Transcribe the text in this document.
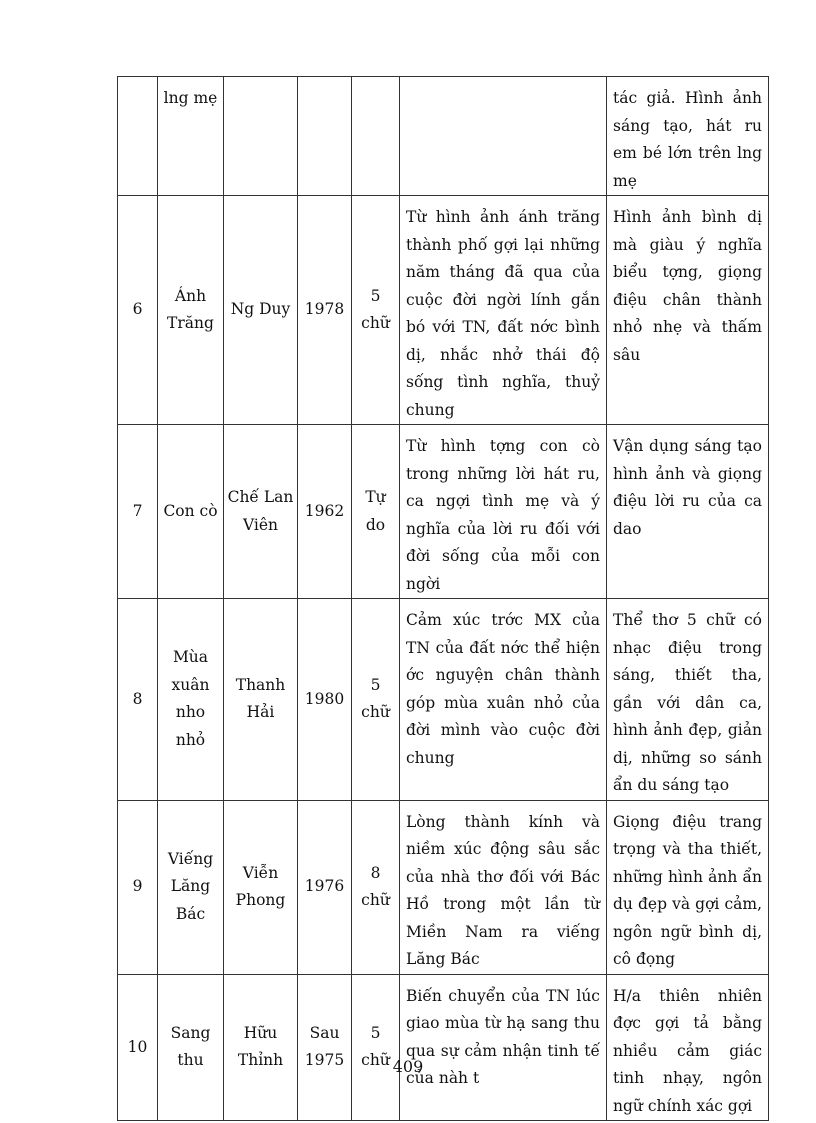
	lng mẹ					tác giả. Hình ảnh sáng tạo, hát ru em bé lớn trên lng mẹ
6	Ánh Trăng	Ng Duy	1978	5 chữ	Từ hình ảnh ánh trăng thành phố gợi lại những năm tháng đã qua của cuộc đời ngời lính gắn bó với TN, đất nớc bình dị, nhắc nhở thái độ sống tình nghĩa, thuỷ chung	Hình ảnh bình dị mà giàu ý nghĩa biểu tợng, giọng điệu chân thành nhỏ nhẹ và thấm sâu
7	Con cò	Chế Lan Viên	1962	Tự do	Từ hình tợng con cò trong những lời hát ru, ca ngợi tình mẹ và ý nghĩa của lời ru đối với đời sống của mỗi con ngời	Vận dụng sáng tạo hình ảnh và giọng điệu lời ru của ca dao
8	Mùa xuân nho nhỏ	Thanh Hải	1980	5 chữ	Cảm xúc trớc MX của TN của đất nớc thể hiện ớc nguyện chân thành góp mùa xuân nhỏ của đời mình vào cuộc đời chung	Thể thơ 5 chữ có nhạc điệu trong sáng, thiết tha, gần với dân ca, hình ảnh đẹp, giản dị, những so sánh ẩn du sáng tạo
9	Viếng Lăng Bác	Viễn Phong	1976	8 chữ	Lòng thành kính và niềm xúc động sâu sắc của nhà thơ đối với Bác Hồ trong một lần từ Miền Nam ra viếng Lăng Bác	Giọng điệu trang trọng và tha thiết, những hình ảnh ẩn dụ đẹp và gợi cảm, ngôn ngữ bình dị, cô đọng
10	Sang thu	Hữu Thỉnh	Sau 1975	5 chữ	Biến chuyển của TN lúc giao mùa từ hạ sang thu qua sự cảm nhận tinh tế của nàh t	H/a thiên nhiên đợc gợi tả bằng nhiều cảm giác tinh nhạy, ngôn ngữ chính xác gợi
409
